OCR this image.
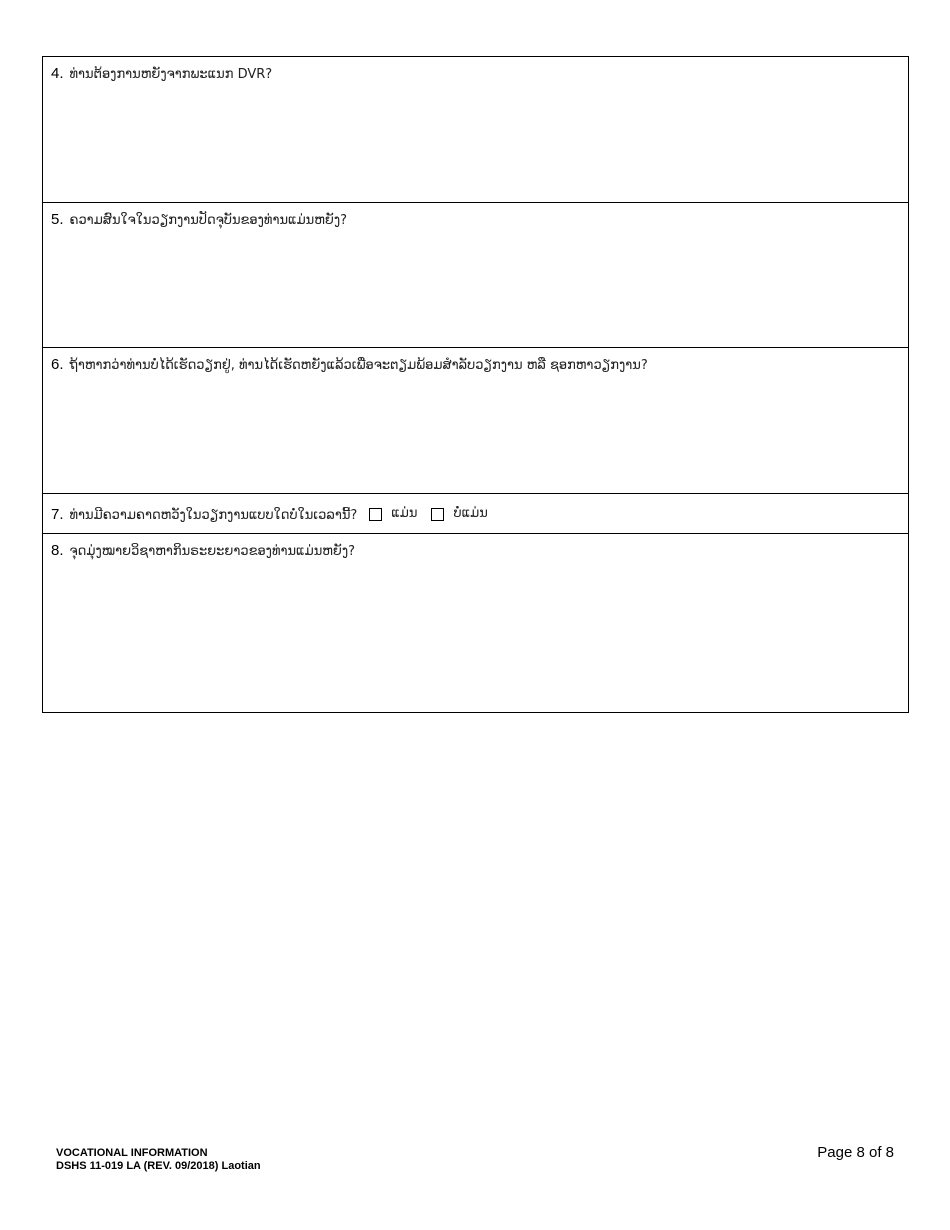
4. ທ່ານຕ້ອງການຫຍັງຈາກພະແນກ DVR?
5. ຄວາມສົນໃຈໃນວຽກງານປັດຈຸບັນຂອງທ່ານແມ່ນຫຍັງ?
6. ຖ້າຫາກວ່າທ່ານບໍ່ໄດ້ເຮັດວຽກຢູ່, ທ່ານໄດ້ເຮັດຫຍັງແລ້ວເພື່ອຈະຕຽມພ້ອມສໍາລັບວຽກງານ ຫລື ຊອກຫາວຽກງານ?
7. ທ່ານມີຄວາມຄາດຫວັງໃນວຽກງານແບບໃດບໍ່ໃນເວລານີ້?	ແມ່ນ	ບໍ່ແມ່ນ
8. ຈຸດມຸ່ງໝາຍວິຊາຫາກິນຣະຍະຍາວຂອງທ່ານແມ່ນຫຍັງ?
VOCATIONAL INFORMATION
DSHS 11-019 LA (REV. 09/2018) Laotian
Page 8 of 8
